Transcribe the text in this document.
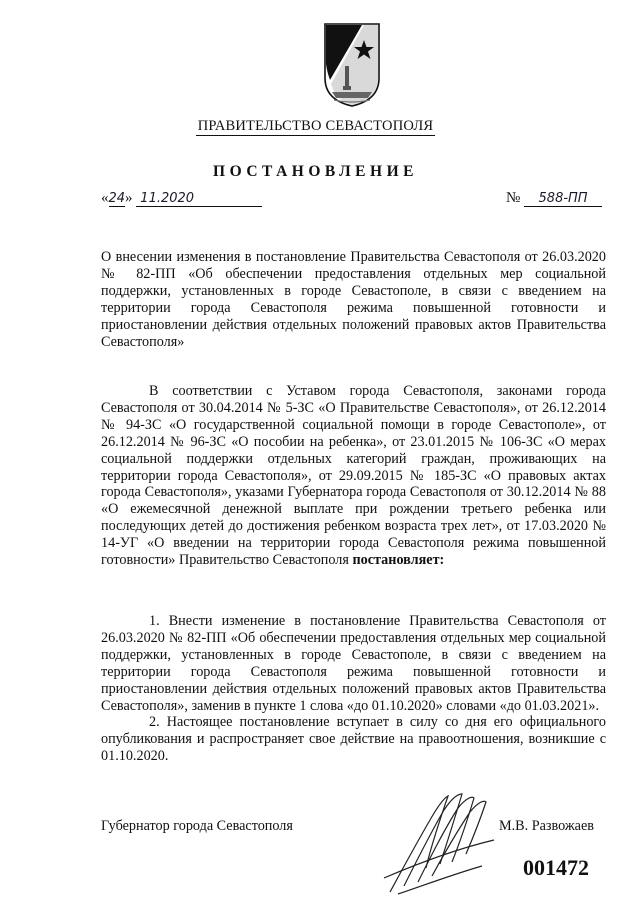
ПРАВИТЕЛЬСТВО СЕВАСТОПОЛЯ
ПОСТАНОВЛЕНИЕ
«24» 11.2020	№ 588-ПП
О внесении изменения в постановление Правительства Севастополя от 26.03.2020 № 82-ПП «Об обеспечении предоставления отдельных мер социальной поддержки, установленных в городе Севастополе, в связи с введением на территории города Севастополя режима повышенной готовности и приостановлении действия отдельных положений правовых актов Правительства Севастополя»

В соответствии с Уставом города Севастополя, законами города Севастополя от 30.04.2014 № 5-ЗС «О Правительстве Севастополя», от 26.12.2014 № 94-ЗС «О государственной социальной помощи в городе Севастополе», от 26.12.2014 № 96-ЗС «О пособии на ребенка», от 23.01.2015 № 106-ЗС «О мерах социальной поддержки отдельных категорий граждан, проживающих на территории города Севастополя», от 29.09.2015 № 185-ЗС «О правовых актах города Севастополя», указами Губернатора города Севастополя от 30.12.2014 № 88 «О ежемесячной денежной выплате при рождении третьего ребенка или последующих детей до достижения ребенком возраста трех лет», от 17.03.2020 № 14-УГ «О введении на территории города Севастополя режима повышенной готовности» Правительство Севастополя постановляет:

1. Внести изменение в постановление Правительства Севастополя от 26.03.2020 № 82-ПП «Об обеспечении предоставления отдельных мер социальной поддержки, установленных в городе Севастополе, в связи с введением на территории города Севастополя режима повышенной готовности и приостановлении действия отдельных положений правовых актов Правительства Севастополя», заменив в пункте 1 слова «до 01.10.2020» словами «до 01.03.2021».

2. Настоящее постановление вступает в силу со дня его официального опубликования и распространяет свое действие на правоотношения, возникшие с 01.10.2020.

Губернатор города Севастополя	М.В. Развожаев
001472
